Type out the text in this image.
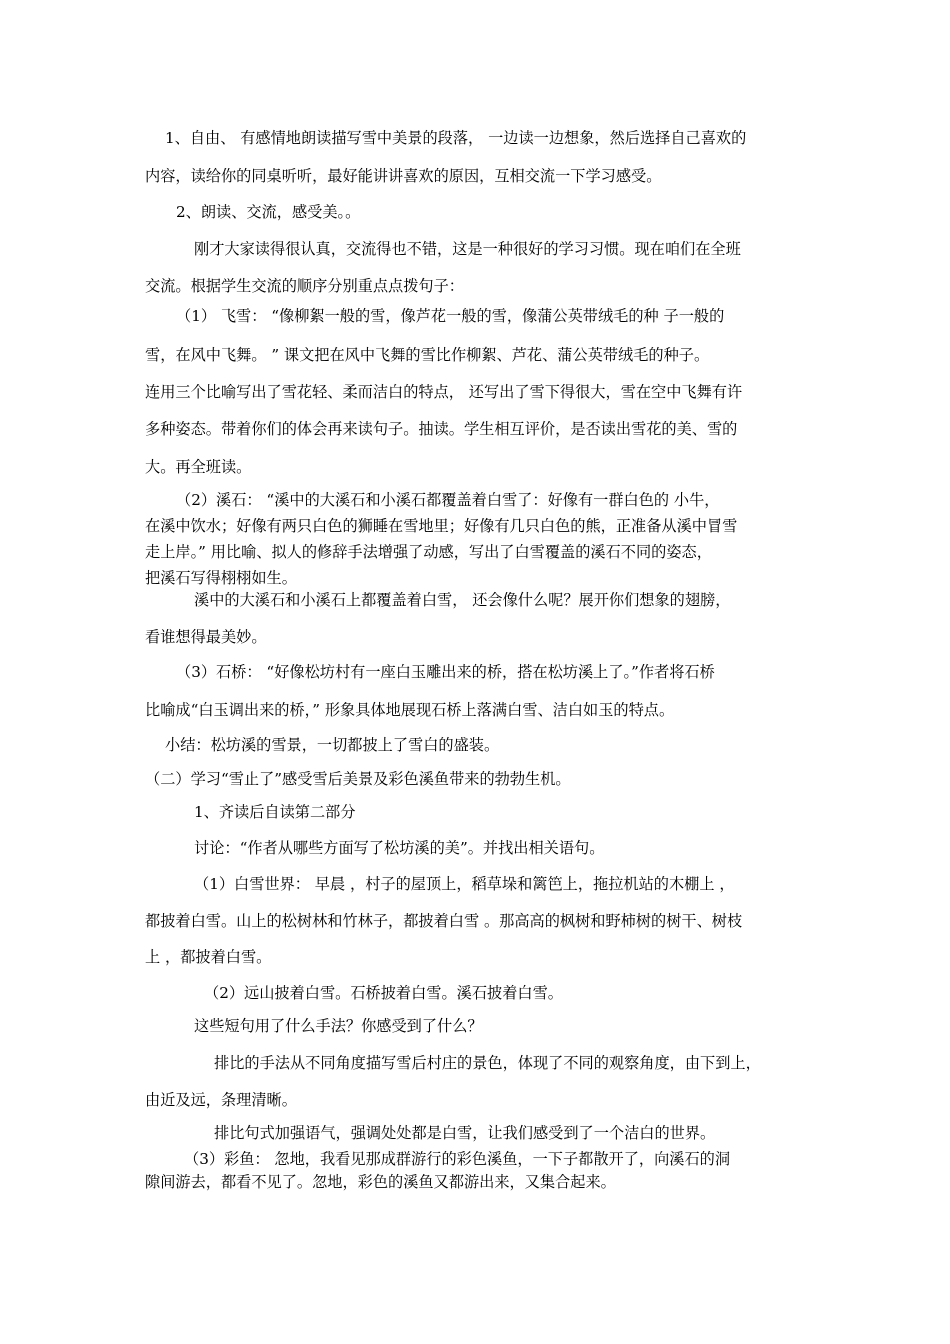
1、自由、 有感情地朗读描写雪中美景的段落， 一边读一边想象，然后选择自己喜欢的

内容，读给你的同桌听听，最好能讲讲喜欢的原因，互相交流一下学习感受。

2、朗读、交流，感受美。。

刚才大家读得很认真，交流得也不错，这是一种很好的学习习惯。现在咱们在全班

交流。根据学生交流的顺序分别重点点拨句子：

（1） 飞雪： “像柳絮一般的雪，像芦花一般的雪，像蒲公英带绒毛的种 子一般的

雪，在风中飞舞。 ” 课文把在风中飞舞的雪比作柳絮、芦花、蒲公英带绒毛的种子。

连用三个比喻写出了雪花轻、柔而洁白的特点， 还写出了雪下得很大，雪在空中飞舞有许

多种姿态。带着你们的体会再来读句子。抽读。学生相互评价，是否读出雪花的美、雪的

大。再全班读。

（2）溪石： “溪中的大溪石和小溪石都覆盖着白雪了：好像有一群白色的 小牛，

在溪中饮水；好像有两只白色的狮睡在雪地里；好像有几只白色的熊，正准备从溪中冒雪

走上岸。” 用比喻、拟人的修辞手法增强了动感，写出了白雪覆盖的溪石不同的姿态，

把溪石写得栩栩如生。

溪中的大溪石和小溪石上都覆盖着白雪， 还会像什么呢？展开你们想象的翅膀，

看谁想得最美妙。

（3）石桥： “好像松坊村有一座白玉雕出来的桥，搭在松坊溪上了。”作者将石桥

比喻成“白玉调出来的桥，” 形象具体地展现石桥上落满白雪、洁白如玉的特点。

小结：松坊溪的雪景，一切都披上了雪白的盛装。

（二）学习“雪止了”感受雪后美景及彩色溪鱼带来的勃勃生机。

1、齐读后自读第二部分

讨论：“作者从哪些方面写了松坊溪的美”。并找出相关语句。

（1）白雪世界： 早晨 ，村子的屋顶上，稻草垛和篱笆上，拖拉机站的木棚上 ，

都披着白雪。山上的松树林和竹林子，都披着白雪 。那高高的枫树和野柿树的树干、树枝

上 ，都披着白雪。

（2）远山披着白雪。石桥披着白雪。溪石披着白雪。

这些短句用了什么手法？你感受到了什么？

排比的手法从不同角度描写雪后村庄的景色，体现了不同的观察角度，由下到上，

由近及远，条理清晰。

排比句式加强语气，强调处处都是白雪，让我们感受到了一个洁白的世界。

（3）彩鱼： 忽地，我看见那成群游行的彩色溪鱼，一下子都散开了，向溪石的洞

隙间游去，都看不见了。忽地，彩色的溪鱼又都游出来，又集合起来。
